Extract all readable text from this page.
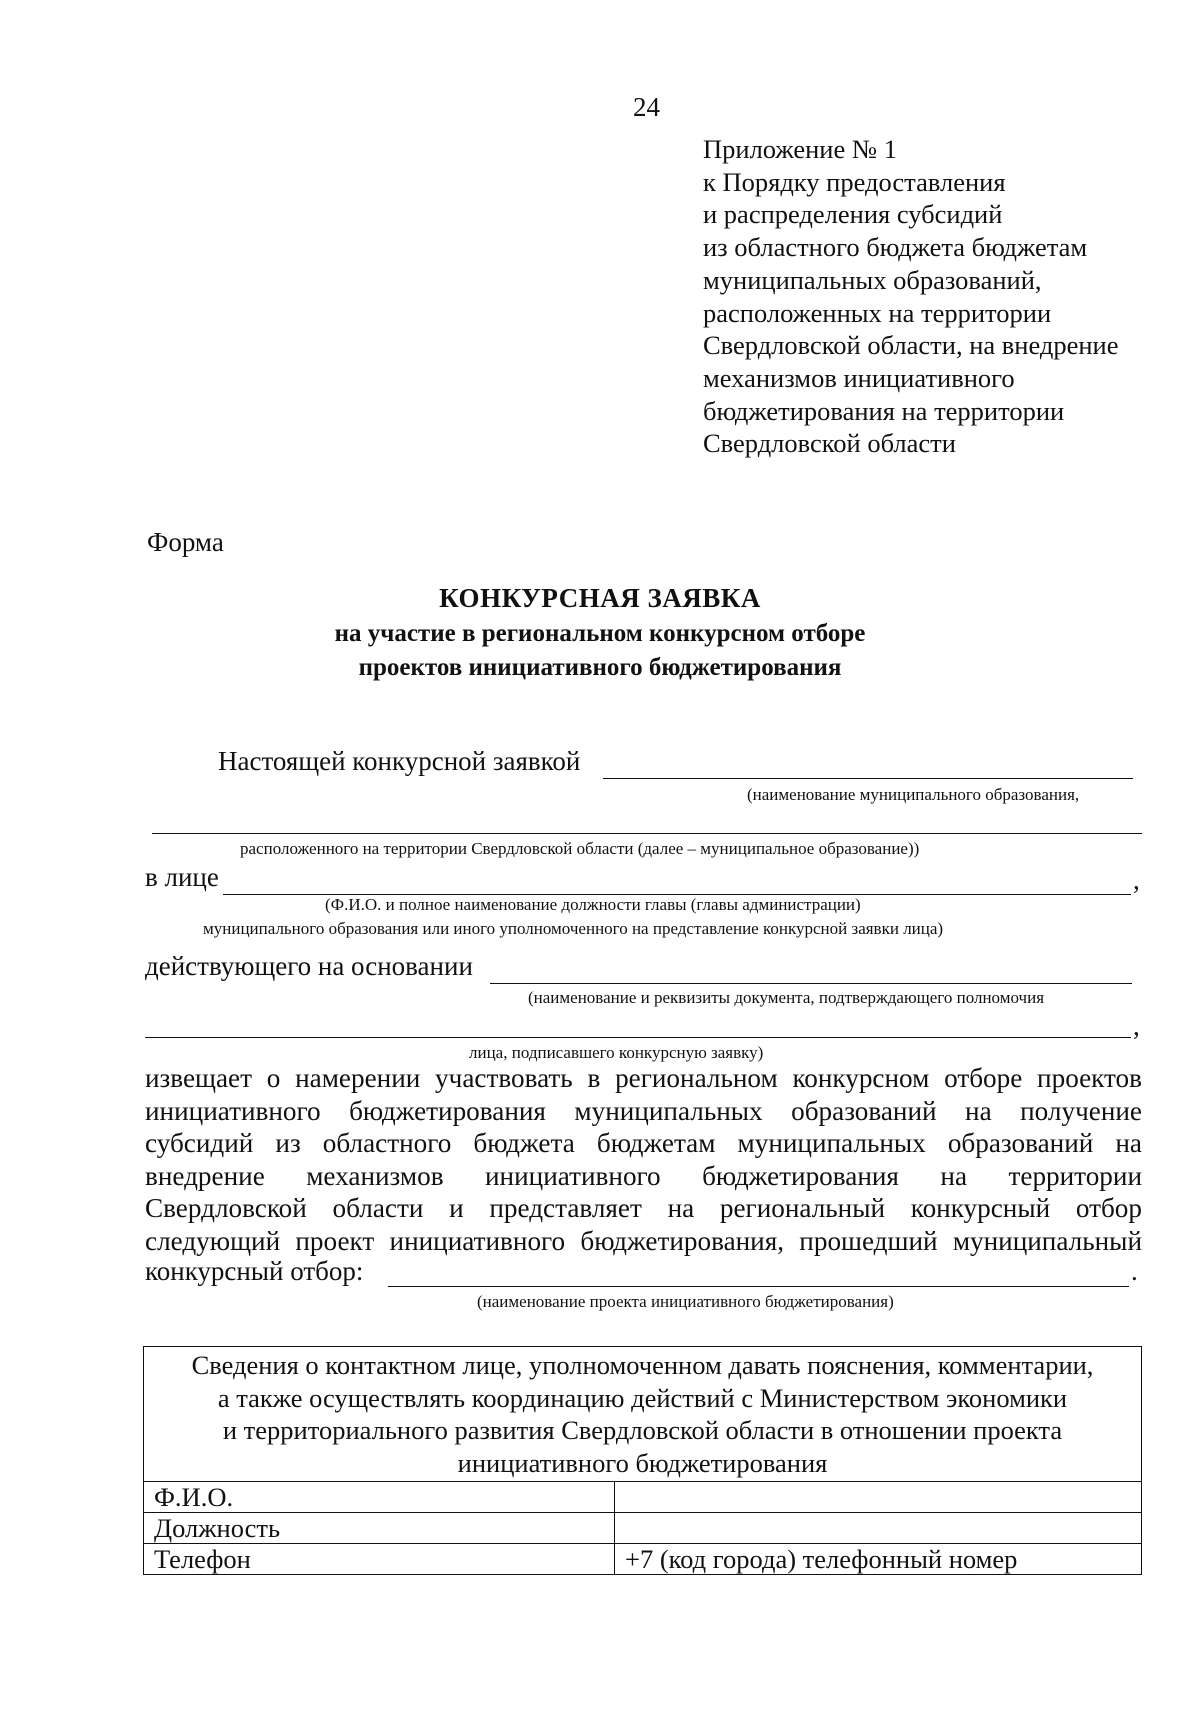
24
Приложение № 1
к Порядку предоставления
и распределения субсидий
из областного бюджета бюджетам
муниципальных образований,
расположенных на территории
Свердловской области, на внедрение
механизмов инициативного
бюджетирования на территории
Свердловской области
Форма
КОНКУРСНАЯ ЗАЯВКА
на участие в региональном конкурсном отборе
проектов инициативного бюджетирования
Настоящей конкурсной заявкой
(наименование муниципального образования,
расположенного на территории Свердловской области (далее – муниципальное образование))
в лице	,
(Ф.И.О. и полное наименование должности главы (главы администрации)
муниципального образования или иного уполномоченного на представление конкурсной заявки лица)
действующего на основании
(наименование и реквизиты документа, подтверждающего полномочия
,
лица, подписавшего конкурсную заявку)
извещает о намерении участвовать в региональном конкурсном отборе проектов
инициативного бюджетирования муниципальных образований на получение
субсидий из областного бюджета бюджетам муниципальных образований на
внедрение механизмов инициативного бюджетирования на территории
Свердловской области и представляет на региональный конкурсный отбор
следующий проект инициативного бюджетирования, прошедший муниципальный
конкурсный отбор:	.
(наименование проекта инициативного бюджетирования)
Сведения о контактном лице, уполномоченном давать пояснения, комментарии,
а также осуществлять координацию действий с Министерством экономики
и территориального развития Свердловской области в отношении проекта
инициативного бюджетирования	

Ф.И.О.	
Должность	
Телефон	+7 (код города) телефонный номер
